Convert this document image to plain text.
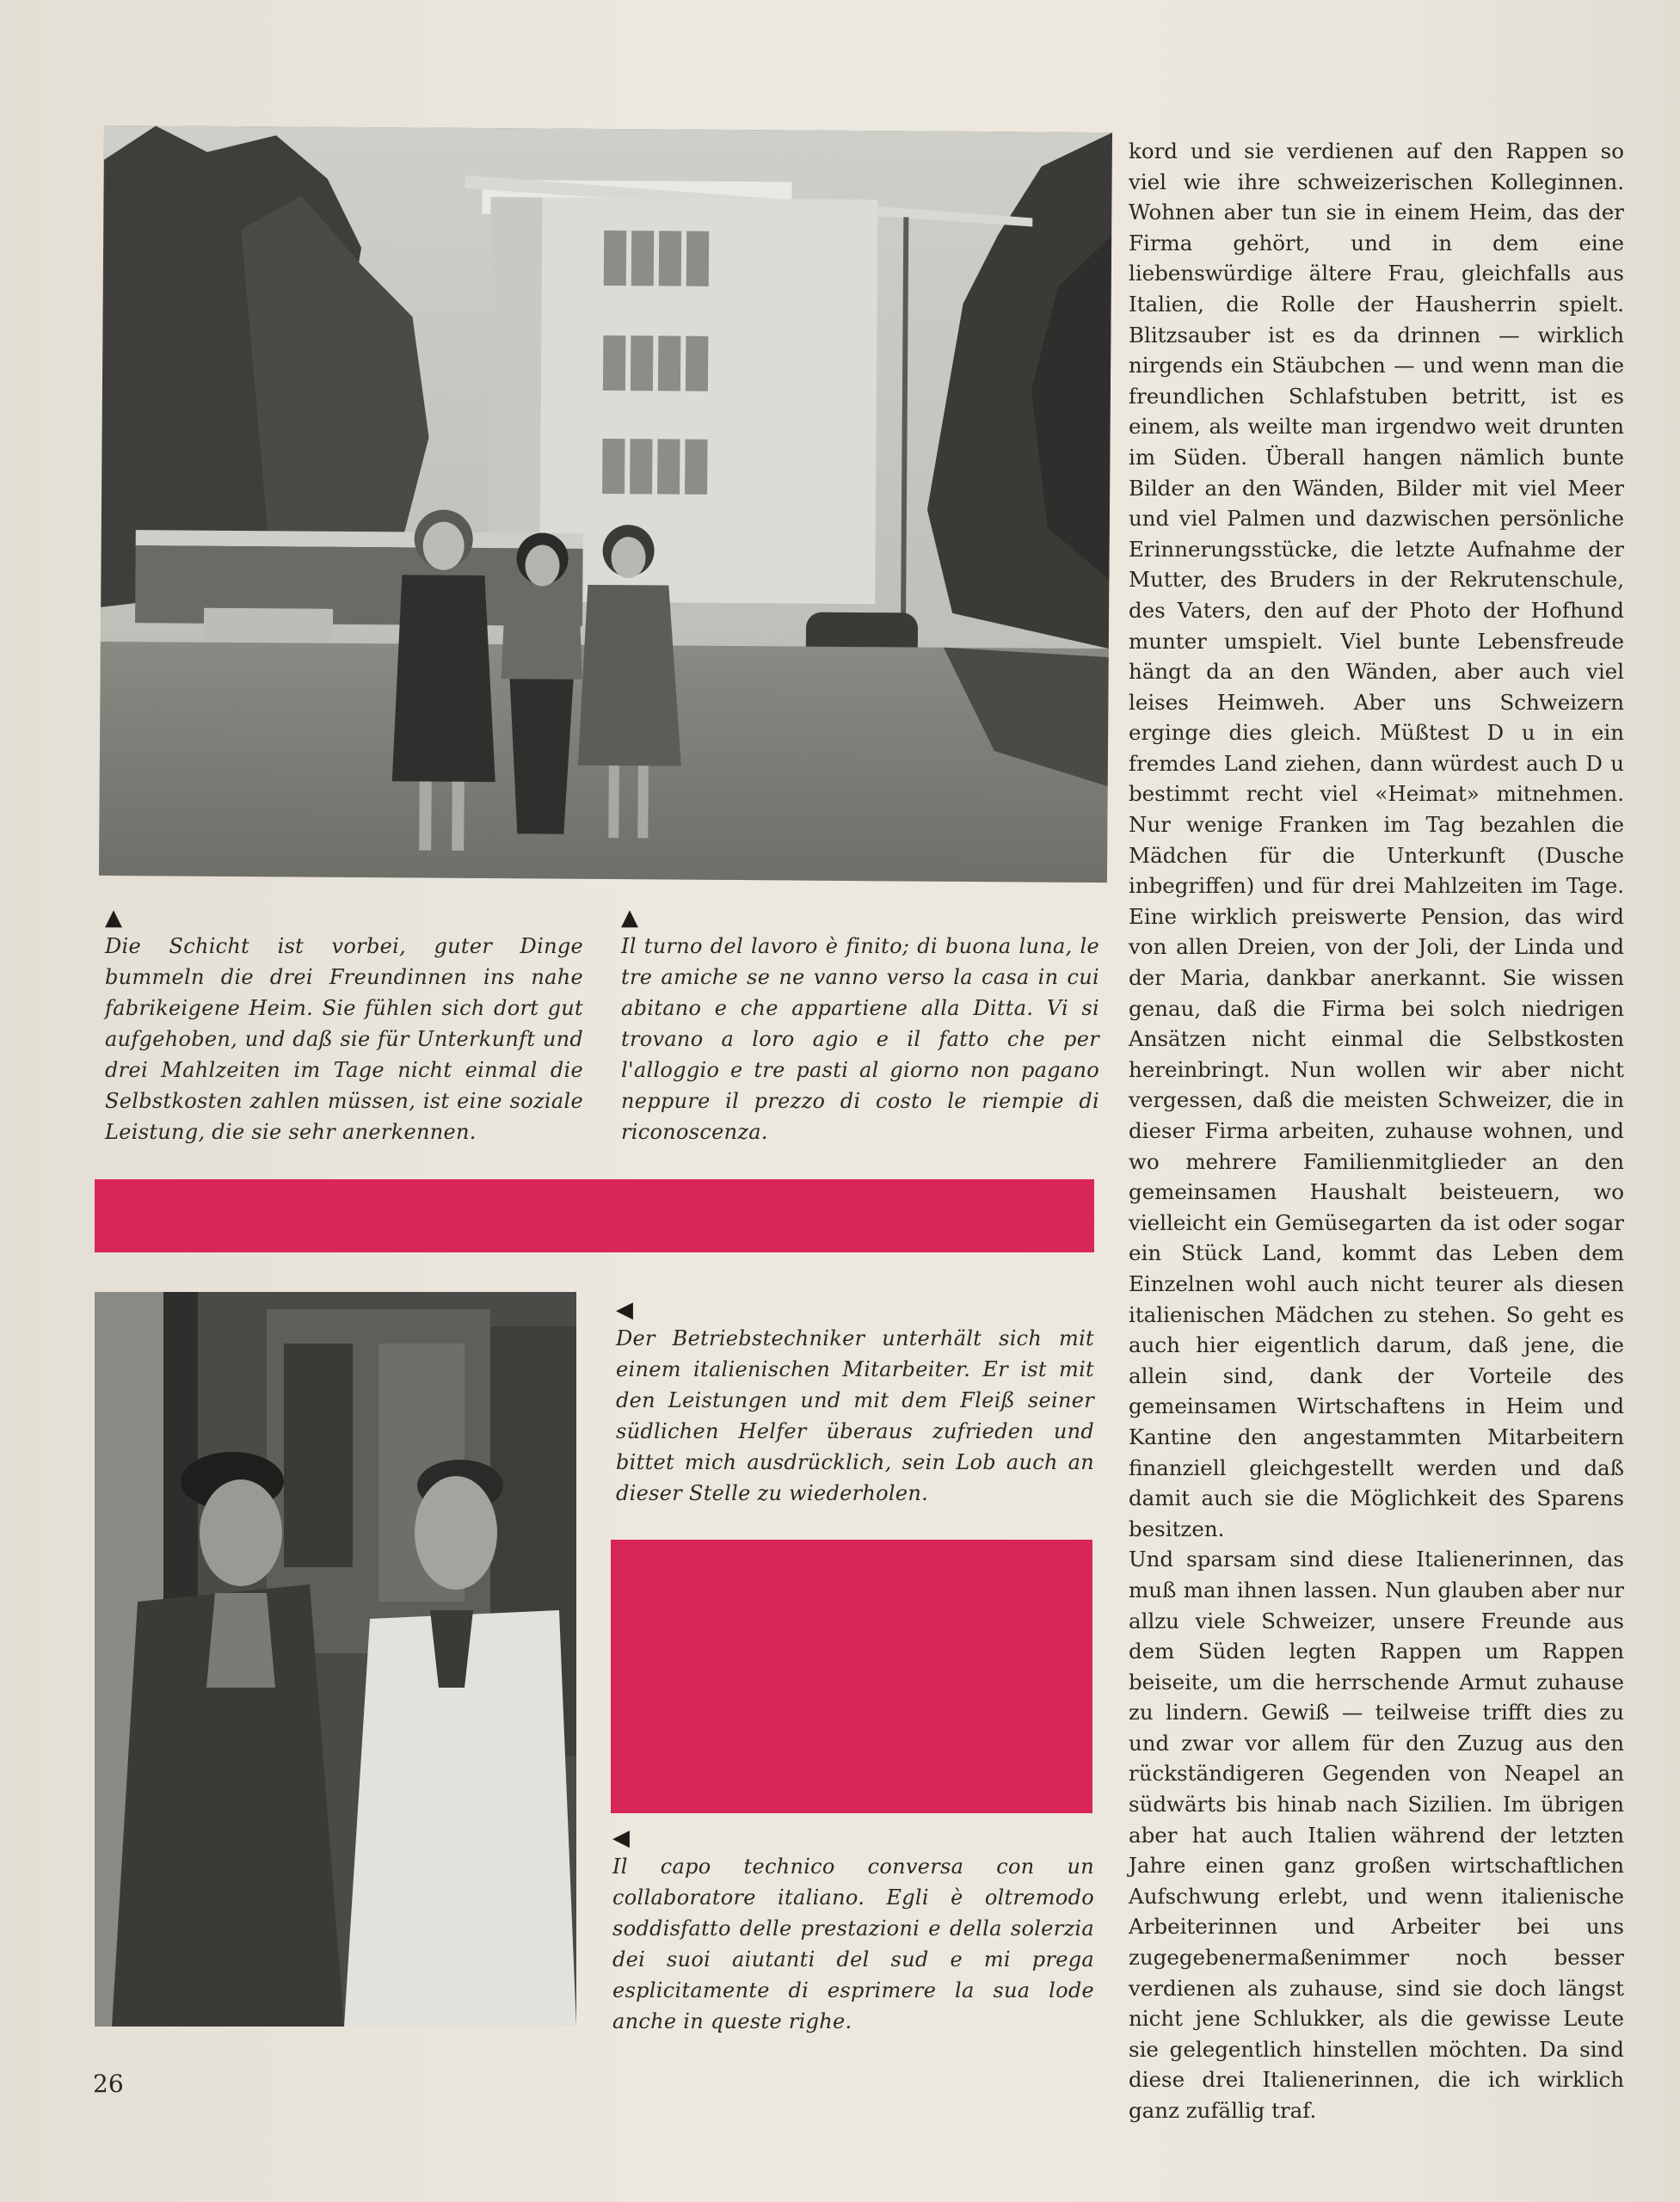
▲

Die Schicht ist vorbei, guter Dinge bummeln die drei Freundinnen ins nahe fabrikeigene Heim. Sie fühlen sich dort gut aufgehoben, und daß sie für Unterkunft und drei Mahlzeiten im Tage nicht einmal die Selbstkosten zahlen müssen, ist eine soziale Leistung, die sie sehr anerkennen.

▲

Il turno del lavoro è finito; di buona luna, le tre amiche se ne vanno verso la casa in cui abitano e che appartiene alla Ditta. Vi si trovano a loro agio e il fatto che per l'alloggio e tre pasti al giorno non pagano neppure il prezzo di costo le riempie di riconoscenza.

◀

Der Betriebstechniker unterhält sich mit einem italienischen Mitarbeiter. Er ist mit den Leistungen und mit dem Fleiß seiner südlichen Helfer überaus zufrieden und bittet mich ausdrücklich, sein Lob auch an dieser Stelle zu wiederholen.

◀

Il capo technico conversa con un collaboratore italiano. Egli è oltremodo soddisfatto delle prestazioni e della solerzia dei suoi aiutanti del sud e mi prega esplicitamente di esprimere la sua lode anche in queste righe.

kord und sie verdienen auf den Rappen so viel wie ihre schweizerischen Kolleginnen. Wohnen aber tun sie in einem Heim, das der Firma gehört, und in dem eine liebenswürdige ältere Frau, gleichfalls aus Italien, die Rolle der Hausherrin spielt. Blitzsauber ist es da drinnen — wirklich nirgends ein Stäubchen — und wenn man die freundlichen Schlafstuben betritt, ist es einem, als weilte man irgendwo weit drunten im Süden. Überall hangen nämlich bunte Bilder an den Wänden, Bilder mit viel Meer und viel Palmen und dazwischen persönliche Erinnerungsstücke, die letzte Aufnahme der Mutter, des Bruders in der Rekrutenschule, des Vaters, den auf der Photo der Hofhund munter umspielt. Viel bunte Lebensfreude hängt da an den Wänden, aber auch viel leises Heimweh. Aber uns Schweizern erginge dies gleich. Müßtest D u in ein fremdes Land ziehen, dann würdest auch D u bestimmt recht viel «Heimat» mitnehmen. Nur wenige Franken im Tag bezahlen die Mädchen für die Unterkunft (Dusche inbegriffen) und für drei Mahlzeiten im Tage. Eine wirklich preiswerte Pension, das wird von allen Dreien, von der Joli, der Linda und der Maria, dankbar anerkannt. Sie wissen genau, daß die Firma bei solch niedrigen Ansätzen nicht einmal die Selbstkosten hereinbringt. Nun wollen wir aber nicht vergessen, daß die meisten Schweizer, die in dieser Firma arbeiten, zuhause wohnen, und wo mehrere Familienmitglieder an den gemeinsamen Haushalt beisteuern, wo vielleicht ein Gemüsegarten da ist oder sogar ein Stück Land, kommt das Leben dem Einzelnen wohl auch nicht teurer als diesen italienischen Mädchen zu stehen. So geht es auch hier eigentlich darum, daß jene, die allein sind, dank der Vorteile des gemeinsamen Wirtschaftens in Heim und Kantine den angestammten Mitarbeitern finanziell gleichgestellt werden und daß damit auch sie die Möglichkeit des Sparens besitzen.

Und sparsam sind diese Italienerinnen, das muß man ihnen lassen. Nun glauben aber nur allzu viele Schweizer, unsere Freunde aus dem Süden legten Rappen um Rappen beiseite, um die herrschende Armut zuhause zu lindern. Gewiß — teilweise trifft dies zu und zwar vor allem für den Zuzug aus den rückständigeren Gegenden von Neapel an südwärts bis hinab nach Sizilien. Im übrigen aber hat auch Italien während der letzten Jahre einen ganz großen wirtschaftlichen Aufschwung erlebt, und wenn italienische Arbeiterinnen und Arbeiter bei uns zugegebenermaßenimmer noch besser verdienen als zuhause, sind sie doch längst nicht jene Schlukker, als die gewisse Leute sie gelegentlich hinstellen möchten. Da sind diese drei Italienerinnen, die ich wirklich ganz zufällig traf.

26
